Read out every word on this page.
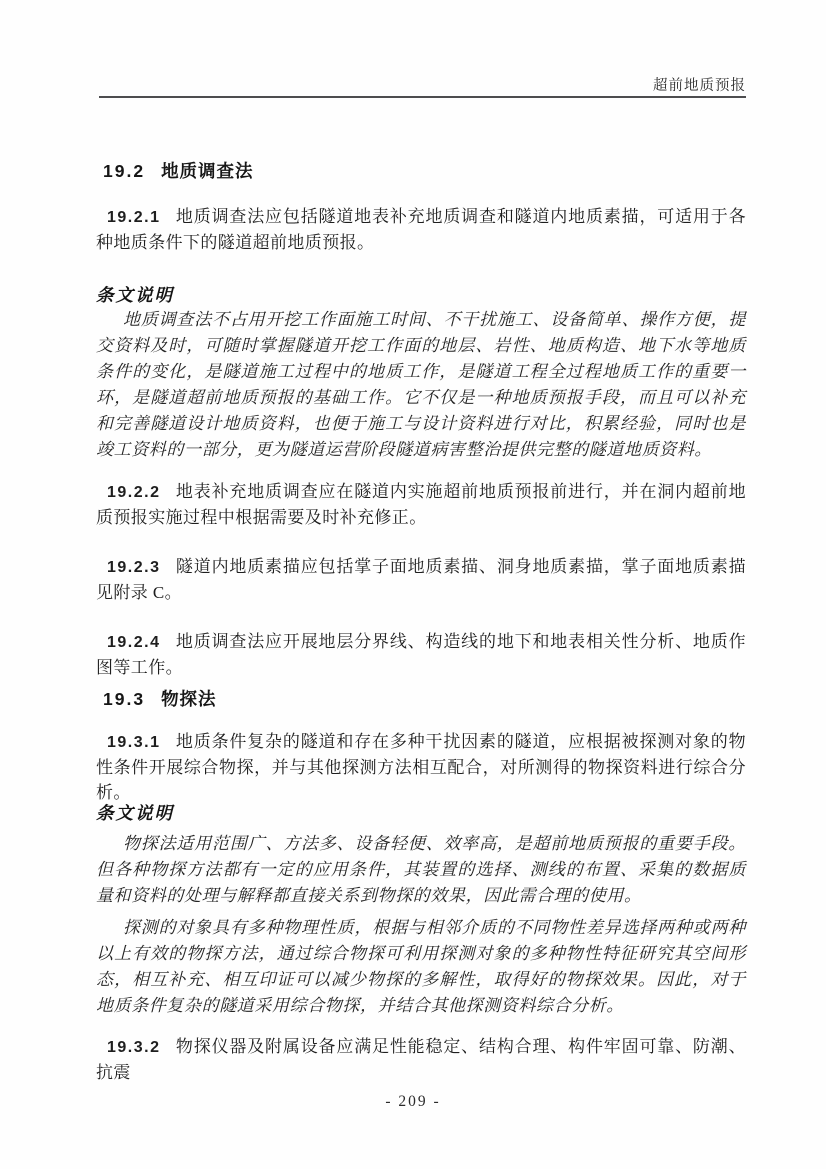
超前地质预报
19.2 地质调查法

19.2.1 地质调查法应包括隧道地表补充地质调查和隧道内地质素描，可适用于各种地质条件下的隧道超前地质预报。

条文说明

地质调查法不占用开挖工作面施工时间、不干扰施工、设备简单、操作方便，提交资料及时，可随时掌握隧道开挖工作面的地层、岩性、地质构造、地下水等地质条件的变化，是隧道施工过程中的地质工作，是隧道工程全过程地质工作的重要一环，是隧道超前地质预报的基础工作。它不仅是一种地质预报手段，而且可以补充和完善隧道设计地质资料，也便于施工与设计资料进行对比，积累经验，同时也是竣工资料的一部分，更为隧道运营阶段隧道病害整治提供完整的隧道地质资料。

19.2.2 地表补充地质调查应在隧道内实施超前地质预报前进行，并在洞内超前地质预报实施过程中根据需要及时补充修正。

19.2.3 隧道内地质素描应包括掌子面地质素描、洞身地质素描，掌子面地质素描见附录 C。

19.2.4 地质调查法应开展地层分界线、构造线的地下和地表相关性分析、地质作图等工作。

19.3 物探法

19.3.1 地质条件复杂的隧道和存在多种干扰因素的隧道，应根据被探测对象的物性条件开展综合物探，并与其他探测方法相互配合，对所测得的物探资料进行综合分析。

条文说明

物探法适用范围广、方法多、设备轻便、效率高，是超前地质预报的重要手段。但各种物探方法都有一定的应用条件，其装置的选择、测线的布置、采集的数据质量和资料的处理与解释都直接关系到物探的效果，因此需合理的使用。

探测的对象具有多种物理性质，根据与相邻介质的不同物性差异选择两种或两种以上有效的物探方法，通过综合物探可利用探测对象的多种物性特征研究其空间形态，相互补充、相互印证可以减少物探的多解性，取得好的物探效果。因此，对于地质条件复杂的隧道采用综合物探，并结合其他探测资料综合分析。

19.3.2 物探仪器及附属设备应满足性能稳定、结构合理、构件牢固可靠、防潮、抗震

- 209 -
